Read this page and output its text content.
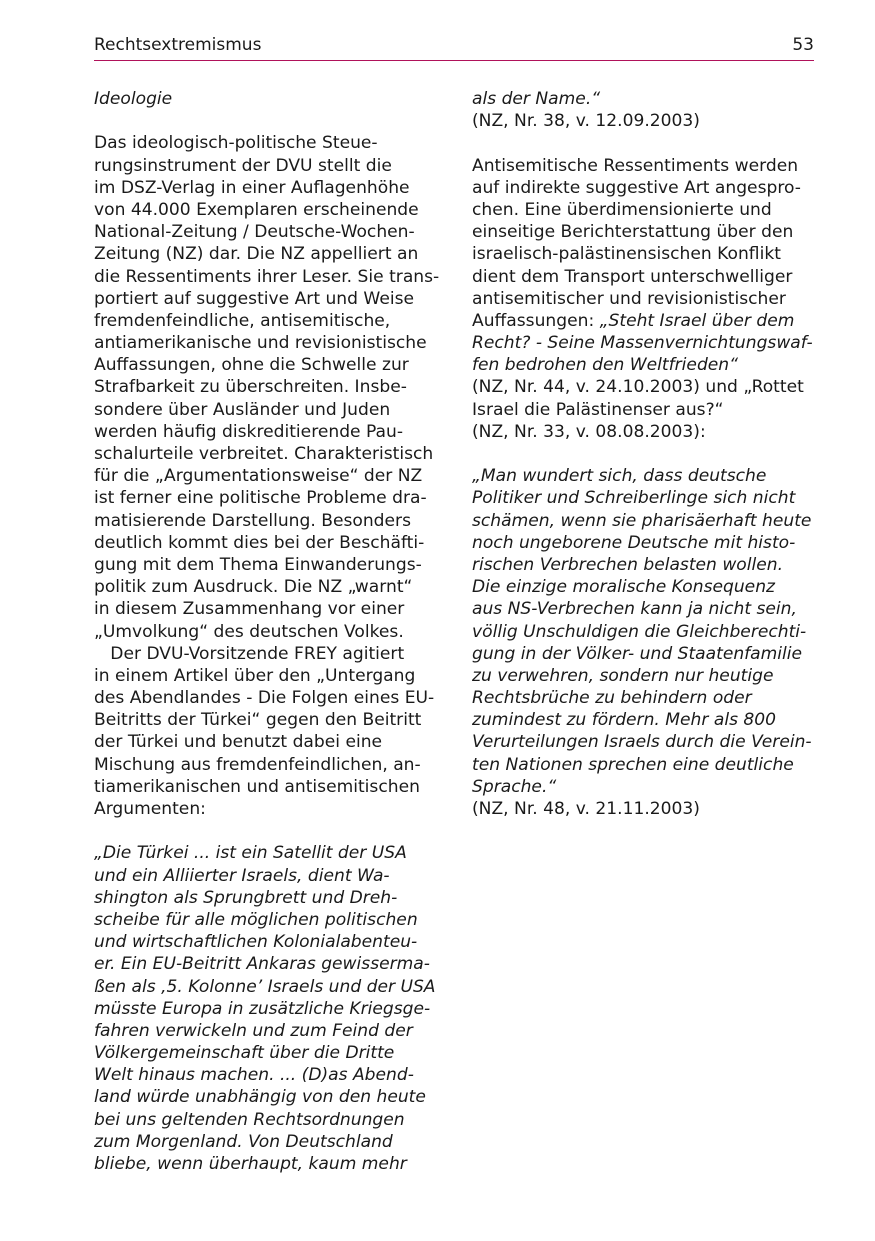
Rechtsextremismus	53
Ideologie
Das ideologisch-politische Steue-
rungsinstrument der DVU stellt die
im DSZ-Verlag in einer Auflagenhöhe
von 44.000 Exemplaren erscheinende
National-Zeitung / Deutsche-Wochen-
Zeitung (NZ) dar. Die NZ appelliert an
die Ressentiments ihrer Leser. Sie trans-
portiert auf suggestive Art und Weise
fremdenfeindliche, antisemitische,
antiamerikanische und revisionistische
Auffassungen, ohne die Schwelle zur
Strafbarkeit zu überschreiten. Insbe-
sondere über Ausländer und Juden
werden häufig diskreditierende Pau-
schalurteile verbreitet. Charakteristisch
für die „Argumentationsweise“ der NZ
ist ferner eine politische Probleme dra-
matisierende Darstellung. Besonders
deutlich kommt dies bei der Beschäfti-
gung mit dem Thema Einwanderungs-
politik zum Ausdruck. Die NZ „warnt“
in diesem Zusammenhang vor einer
„Umvolkung“ des deutschen Volkes.
Der DVU-Vorsitzende FREY agitiert
in einem Artikel über den „Untergang
des Abendlandes - Die Folgen eines EU-
Beitritts der Türkei“ gegen den Beitritt
der Türkei und benutzt dabei eine
Mischung aus fremdenfeindlichen, an-
tiamerikanischen und antisemitischen
Argumenten:
„Die Türkei ... ist ein Satellit der USA
und ein Alliierter Israels, dient Wa-
shington als Sprungbrett und Dreh-
scheibe für alle möglichen politischen
und wirtschaftlichen Kolonialabenteu-
er. Ein EU-Beitritt Ankaras gewisserma-
ßen als ‚5. Kolonne’ Israels und der USA
müsste Europa in zusätzliche Kriegsge-
fahren verwickeln und zum Feind der
Völkergemeinschaft über die Dritte
Welt hinaus machen. ... (D)as Abend-
land würde unabhängig von den heute
bei uns geltenden Rechtsordnungen
zum Morgenland. Von Deutschland
bliebe, wenn überhaupt, kaum mehr
als der Name.“
(NZ, Nr. 38, v. 12.09.2003)
Antisemitische Ressentiments werden
auf indirekte suggestive Art angespro-
chen. Eine überdimensionierte und
einseitige Berichterstattung über den
israelisch-palästinensischen Konflikt
dient dem Transport unterschwelliger
antisemitischer und revisionistischer
Auffassungen: „Steht Israel über dem
Recht? - Seine Massenvernichtungswaf-
fen bedrohen den Weltfrieden“
(NZ, Nr. 44, v. 24.10.2003) und „Rottet
Israel die Palästinenser aus?“
(NZ, Nr. 33, v. 08.08.2003):
„Man wundert sich, dass deutsche
Politiker und Schreiberlinge sich nicht
schämen, wenn sie pharisäerhaft heute
noch ungeborene Deutsche mit histo-
rischen Verbrechen belasten wollen.
Die einzige moralische Konsequenz
aus NS-Verbrechen kann ja nicht sein,
völlig Unschuldigen die Gleichberechti-
gung in der Völker- und Staatenfamilie
zu verwehren, sondern nur heutige
Rechtsbrüche zu behindern oder
zumindest zu fördern. Mehr als 800
Verurteilungen Israels durch die Verein-
ten Nationen sprechen eine deutliche
Sprache.“
(NZ, Nr. 48, v. 21.11.2003)
